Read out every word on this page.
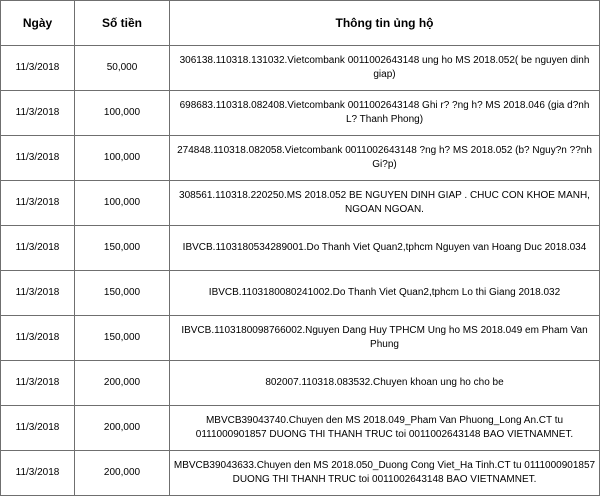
Ngày	Số tiền	Thông tin ủng hộ
11/3/2018	50,000	306138.110318.131032.Vietcombank 0011002643148 ung ho MS 2018.052( be nguyen dinh giap)
11/3/2018	100,000	698683.110318.082408.Vietcombank 0011002643148 Ghi r? ?ng h? MS 2018.046 (gia d?nh L? Thanh Phong)
11/3/2018	100,000	274848.110318.082058.Vietcombank 0011002643148 ?ng h? MS 2018.052 (b? Nguy?n ??nh Gi?p)
11/3/2018	100,000	308561.110318.220250.MS 2018.052 BE NGUYEN DINH GIAP . CHUC CON KHOE MANH, NGOAN NGOAN.
11/3/2018	150,000	IBVCB.1103180534289001.Do Thanh Viet Quan2,tphcm Nguyen van Hoang Duc 2018.034
11/3/2018	150,000	IBVCB.1103180080241002.Do Thanh Viet Quan2,tphcm Lo thi Giang 2018.032
11/3/2018	150,000	IBVCB.1103180098766002.Nguyen Dang Huy TPHCM Ung ho MS 2018.049 em Pham Van Phung
11/3/2018	200,000	802007.110318.083532.Chuyen khoan ung ho cho be
11/3/2018	200,000	MBVCB39043740.Chuyen den MS 2018.049_Pham Van Phuong_Long An.CT tu 0111000901857 DUONG THI THANH TRUC toi 0011002643148 BAO VIETNAMNET.
11/3/2018	200,000	MBVCB39043633.Chuyen den MS 2018.050_Duong Cong Viet_Ha Tinh.CT tu 0111000901857 DUONG THI THANH TRUC toi 0011002643148 BAO VIETNAMNET.
